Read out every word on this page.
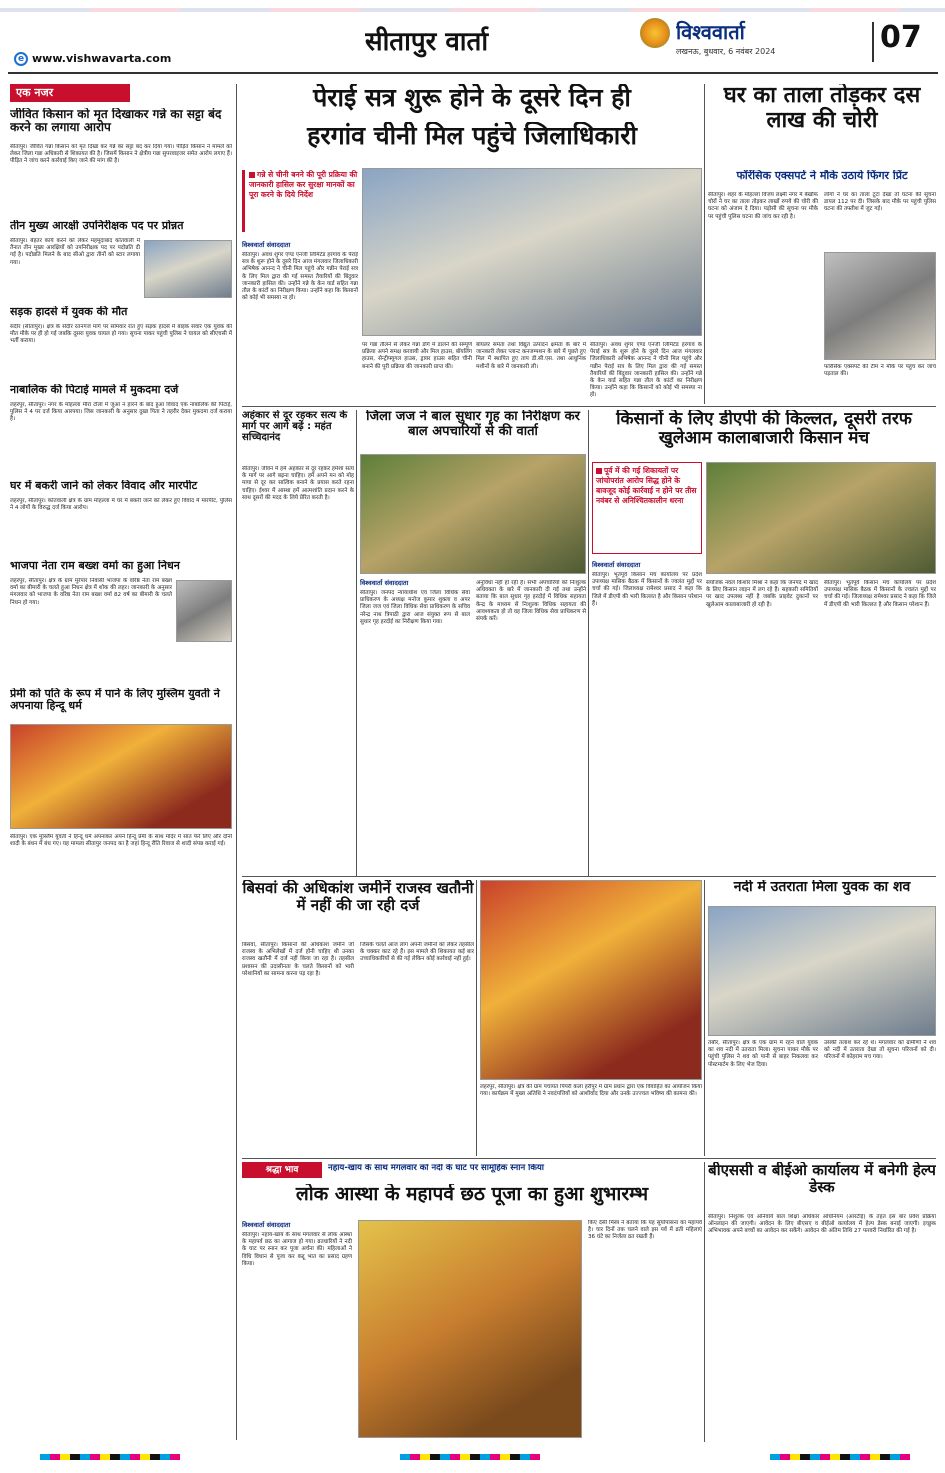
सीतापुर वार्ता	विश्ववार्ता
लखनऊ, बुधवार, 6 नवंबर 2024	07
e www.vishwavarta.com
एक नजर
जीवित किसान को मृत दिखाकर गन्ने का सट्टा बंद करने का लगाया आरोप
सीतापुर। जीवित गन्ना किसान को मृत दिखा कर गन्ने का सट्टा बंद कर दिया गया। पीड़ित किसान ने मामले को लेकर जिला गन्ना अधिकारी से शिकायत की है। जिसमें किसान ने क्षेत्रीय गन्ना सुपरवाइजर समेत आरोप लगाए हैं। पीड़ित ने जांच करने कार्रवाई किए जाने की मांग की है।
तीन मुख्य आरक्षी उपनिरीक्षक पद पर प्रोन्नत
सीतापुर। बेहतर कार्य करने को लेकर महमूदाबाद कोतवाली में तैनात तीन मुख्य आरक्षियों को उपनिरीक्षक पद पर पदोन्नति दी गई है। पदोन्नति मिलने के बाद सीओ द्वारा तीनों को स्टार लगाया गया।
सड़क हादसे में युवक की मौत
संदीर (सीतापुर)। क्षेत्र के सेंदीर रतनगंज मार्ग पर सोमवार रात हुए सड़क हादसे में बाइक सवार एक युवक की मौत मौके पर ही हो गई जबकि दूसरा युवक घायल हो गया। सूचना पाकर पहुंची पुलिस ने घायल को सीएचसी में भर्ती कराया।
नाबालिक की पिटाई मामले में मुकदमा दर्ज
लहरपुर, सीतापुर। नगर के मोहल्ला मीरा टोला में जुआ न हारने के बाद हुआ विवाद एक नाबालिक की पिटाई, पुलिस ने 4 पर दर्ज किया आरपया। जिस जानकारी के अनुसार दुखा पिता ने तहरीर देकर मुकदमा दर्ज कराया है।
घर में बकरी जाने को लेकर विवाद और मारपीट
लहरपुर, सीतापुर। कोतवाली क्षेत्र के ग्राम मोहल्ला में घर में बकरी जाने को लेकर हुए विवाद में मारपीट, पुलिस ने 4 लोगों के विरुद्ध दर्ज किया आरोप।
भाजपा नेता राम बख्श वर्मा का हुआ निधन
लहरपुर, सीतापुर। क्षेत्र के ग्राम मुरेपार निवासी भाजपा के वरिष्ठ नेता राम बख्श वर्मा का बीमारी के चलते हुआ निधन क्षेत्र में शोक की लहर। जानकारी के अनुसार मंगलवार को भाजपा के वरिष्ठ नेता राम बख्श वर्मा 82 वर्ष का बीमारी के चलते निधन हो गया।
प्रेमी को पति के रूप में पाने के लिए मुस्लिम युवती ने अपनाया हिन्दू धर्म
सीतापुर। एक मुस्लिम युवती ने हिन्दू धर्म अपनाकर अपने हिन्दू प्रेमी के साथ मंदिर में सात फेरे लिए और दोनों शादी के बंधन में बंध गए। यह मामला सीतापुर जनपद का है जहां हिन्दू रीति रिवाज से शादी संपन्न कराई गई।
पेराई सत्र शुरू होने के दूसरे दिन ही
हरगांव चीनी मिल पहुंचे जिलाधिकारी
गन्ने से चीनी बनने की पूरी प्रक्रिया की जानकारी हासिल कर सुरक्षा मानकों का पूरा करने के दिये निर्देश
विश्ववार्ता संवाददाता
सीतापुर। अवध शुगर एण्ड एनर्जी लिमिटेड हरगांव के पेराई सत्र के शुरू होने के दूसरे दिन आज मंगलवार जिलाधिकारी अभिषेक आनन्द ने चीनी मिल पहुंचे और गन्नीन पेराई सत्र के लिए मिल द्वारा की गई समस्त तैयारियों की बिंदुवार जानकारी हासिल की। उन्होंने गन्ने के केन यार्ड सहित गन्ना तौल के कांटों का निरीक्षण किया। उन्होंने कहा कि किसानों को कोई भी समस्या ना हो।
पर गन्ना तौलने से लेकर गन्ना डोंगे में डालने की सम्पूर्ण प्रक्रिया अपने समक्ष करवायी और मिल हाउस, बॉयलिंग हाउस, सेन्ट्रीफ्यूगल हाउस, ड्रायर हाउस सहित चीनी बनाने की पूरी प्रक्रिया की जानकारी प्राप्त की।
बॉयलर समता तथा विद्युत उत्पादन क्षमता के बारे में जानकारी लेकर प्लान्ट कनजम्पशन के बारे में पूछते हुए मिल में स्थापित हुए ताप डी.सी.एस. तथा आधुनिक मशीनों के बारे में जानकारी ली।
सीतापुर। अवध शुगर एण्ड एनर्जी लिमिटेड हरगांव के पेराई सत्र के शुरू होने के दूसरे दिन आज मंगलवार जिलाधिकारी अभिषेक आनन्द ने चीनी मिल पहुंचे और गन्नीन पेराई सत्र के लिए मिल द्वारा की गई समस्त तैयारियों की बिंदुवार जानकारी हासिल की। उन्होंने गन्ने के केन यार्ड सहित गन्ना तौल के कांटों का निरीक्षण किया। उन्होंने कहा कि किसानों को कोई भी समस्या ना हो।
घर का ताला तोड़कर दस लाख की चोरी
फॉरेंसिक एक्सपर्ट ने मौके उठाये फिंगर प्रिंट
सीतापुर। शहर के मोहल्ला विजय लक्ष्मी नगर में बेखौफ चोरों ने घर का ताला तोड़कर लाखों रुपये की चोरी की घटना को अंजाम दे दिया। पड़ोसी की सूचना पर मौके पर पहुंची पुलिस घटना की जांच कर रही है।
लोगों ने घर का ताला टूटा देखा तो घटना की सूचना डायल 112 पर दी। जिसके बाद मौके पर पहुंची पुलिस घटना की तफ्तीश में जुट गई।
फॉरेंसिक एक्सपर्ट की टीम ने मौके पर पहुंच कर जांच पड़ताल की।
अहंकार से दूर रहकर सत्य के मार्ग पर आगे बढ़ें : महंत सच्चिदानंद
सीतापुर। जीवन में हमें अहंकार से दूर रहकर हमेशा सत्य के मार्ग पर आगे बढ़ना चाहिए। हमें अपने मन को मोह माया से दूर कर सात्विक बनाने के प्रयास करते रहना चाहिए। ईश्वर में आस्था हमें आत्मशांति प्रदान करने के साथ दूसरों की मदद के लिये प्रेरित करती है।
जिला जज ने बाल सुधार गृह का निरीक्षण कर बाल अपचारियों से की वार्ता
विश्ववार्ता संवाददाता
सीतापुर। जनपद न्यायाधीश एवं जिला विधिक सेवा प्राधिकरण के अध्यक्ष मनोज कुमार शुक्ला व अपर जिला जज एवं जिला विधिक सेवा प्राधिकरण के सचिव नरेन्द्र नाथ त्रिपाठी द्वारा आज संयुक्त रूप से बाल सुधार गृह हरदोई का निरीक्षण किया गया।
अनुविधा नहीं हो रही है। सभी अपचारियों को निःशुल्क अधिवक्ता के बारे में जानकारी दी गई तथा उन्होंने बताया कि बाल सुधार गृह हरदोई में विधिक सहायता केन्द्र के माध्यम से निःशुल्क विधिक सहायता की आवश्यकता हो तो वह जिला विधिक सेवा प्राधिकरण से संपर्क करें।
किसानों के लिए डीएपी की किल्लत, दूसरी तरफ खुलेआम कालाबाजारी किसान मंच
पूर्व में की गई शिकायतों पर जांचोपरांत आरोप सिद्ध होने के बावजूद कोई कार्रवाई न होने पर तीस नवंबर से अनिश्चितकालीन धरना
विश्ववार्ता संवाददाता
सीतापुर। भूतपूर्व किसान मंच कार्यालय पर प्रदेश उपाध्यक्ष मासिक बैठक में किसानों के ज्वलंत मुद्दों पर चर्चा की गई। जिलाध्यक्ष रामेश्वर प्रसाद ने कहा कि जिले में डीएपी की भारी किल्लत है और किसान परेशान हैं।
संयोजक नवल किशोर मिश्रा ने कहा कि जनपद में खाद के लिए किसान लाइन में लग रहे हैं। सहकारी समितियों पर खाद उपलब्ध नहीं है जबकि प्राइवेट दुकानों पर खुलेआम कालाबाजारी हो रही है।
सीतापुर। भूतपूर्व किसान मंच कार्यालय पर प्रदेश उपाध्यक्ष मासिक बैठक में किसानों के ज्वलंत मुद्दों पर चर्चा की गई। जिलाध्यक्ष रामेश्वर प्रसाद ने कहा कि जिले में डीएपी की भारी किल्लत है और किसान परेशान हैं।
बिसवां की अधिकांश जमीनें राजस्व खतौनी में नहीं की जा रही दर्ज
बिसवां, सीतापुर। किसानों की अधिकांश जमीनें जो राजस्व के अभिलेखों में दर्ज होनी चाहिए थी उनका राजस्व खतौनी में दर्ज नहीं किया जा रहा है। तहसील प्रशासन की उदासीनता के चलते किसानों को भारी परेशानियों का सामना करना पड़ रहा है।
जिसके चलते आज लोग अपनी जमीनों को लेकर तहसील के चक्कर काट रहे हैं। इस मामले की शिकायत कई बार उच्चाधिकारियों से की गई लेकिन कोई कार्रवाई नहीं हुई।
लहरपुर, सीतापुर। क्षेत्र की ग्राम पंचायत पिपरी कला हरीपुर में ग्राम प्रधान द्वारा एक विवाहित का आयोजन किया गया। कार्यक्रम में मुख्य अतिथि ने नवदंपत्तियों को आशीर्वाद दिया और उनके उज्ज्वल भविष्य की कामना की।
नदी में उतराता मिला युवक का शव
तंबौर, सीतापुर। क्षेत्र के एक ग्राम में रहने वाले युवक का शव नदी में उतराता मिला। सूचना पाकर मौके पर पहुंची पुलिस ने शव को पानी से बाहर निकलवा कर पोस्टमार्टम के लिए भेज दिया।
उसकी तलाश कर रहे थे। मंगलवार को ग्रामीणों ने शव को नदी में उतराता देखा तो सूचना परिजनों को दी। परिजनों में कोहराम मच गया।
श्रद्धा भाव	नहाय-खाय के साथ मंगलवार को नदी के घाट पर सामूहिक स्नान किया
लोक आस्था के महापर्व छठ पूजा का हुआ शुभारम्भ
विश्ववार्ता संवाददाता
सीतापुर। नहाय-खाय के साथ मंगलवार से लोक आस्था के महापर्व छठ का आगाज हो गया। व्रतधारियों ने नदी के घाट पर स्नान कर पूजा अर्चना की। महिलाओं ने विधि विधान से पूजा कर कद्दू भात का प्रसाद ग्रहण किया।
किए देसी मिस्त्र ने बताया कि यह सूर्योपासना का महापर्व है। चार दिनों तक चलने वाले इस पर्व में व्रती महिलाएं 36 घंटे का निर्जला व्रत रखती हैं।
बीएससी व बीईओ कार्यालय में बनेगी हेल्प डेस्क
सीतापुर। निशुल्क एवं अनिवार्य बाल शिक्षा अधिकार अधिनियम (आरटीई) के तहत इस बार प्रवेश प्रक्रिया ऑनलाइन की जाएगी। आवेदन के लिए बीएसए व बीईओ कार्यालय में हेल्प डेस्क बनाई जाएगी। इच्छुक अभिभावक अपने बच्चों का आवेदन कर सकेंगे। आवेदन की अंतिम तिथि 27 फरवरी निर्धारित की गई है।
